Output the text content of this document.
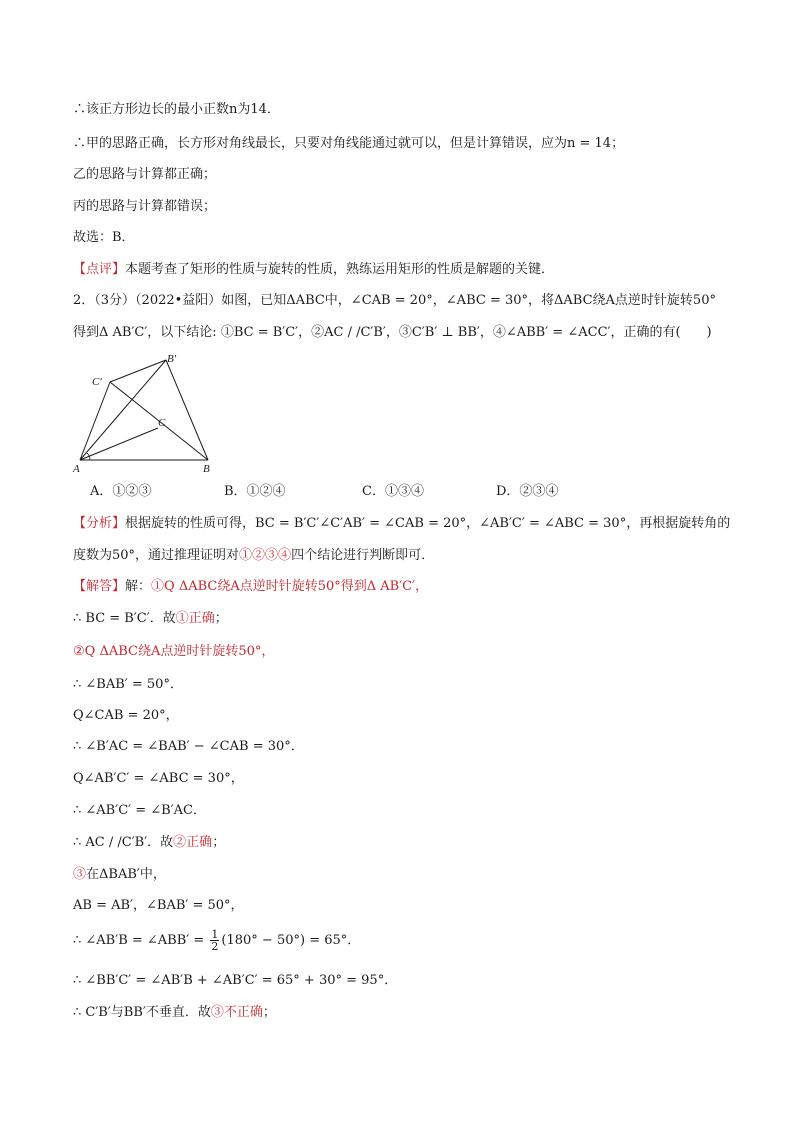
∴该正方形边长的最小正数n为14．
∴甲的思路正确，长方形对角线最长，只要对角线能通过就可以，但是计算错误，应为n = 14；
乙的思路与计算都正确；
丙的思路与计算都错误；
故选：B．
【点评】本题考查了矩形的性质与旋转的性质，熟练运用矩形的性质是解题的关键．
2．（3分）（2022•益阳）如图，已知ΔABC中，∠CAB = 20°，∠ABC = 30°，将ΔABC绕A点逆时针旋转50°
得到Δ AB′C′，以下结论: ①BC = B′C′，②AC / /C′B′，③C′B′ ⊥ BB′，④∠ABB′ = ∠ACC′，正确的有(　　)
A	B
C
B′
C′
A．①②③	B．①②④	C．①③④	D．②③④
【分析】根据旋转的性质可得，BC = B′C′∠C′AB′ = ∠CAB = 20°，∠AB′C′ = ∠ABC = 30°，再根据旋转角的
度数为50°，通过推理证明对①②③④四个结论进行判断即可．
【解答】解：①Q ΔABC绕A点逆时针旋转50°得到Δ AB′C′，
∴ BC = B′C′．故①正确；
②Q ΔABC绕A点逆时针旋转50°，
∴ ∠BAB′ = 50°．
Q∠CAB = 20°，
∴ ∠B′AC = ∠BAB′ − ∠CAB = 30°．
Q∠AB′C′ = ∠ABC = 30°，
∴ ∠AB′C′ = ∠B′AC．
∴ AC / /C′B′．故②正确；
③在ΔBAB′中，
AB = AB′，∠BAB′ = 50°，
∴ ∠AB′B = ∠ABB′ = $\frac{1}{2} (180^\circ - 50^\circ) = 65^\circ$．
∴ ∠BB′C′ = ∠AB′B + ∠AB′C′ = 65° + 30° = 95°．
∴ C′B′与BB′不垂直．故③不正确；
